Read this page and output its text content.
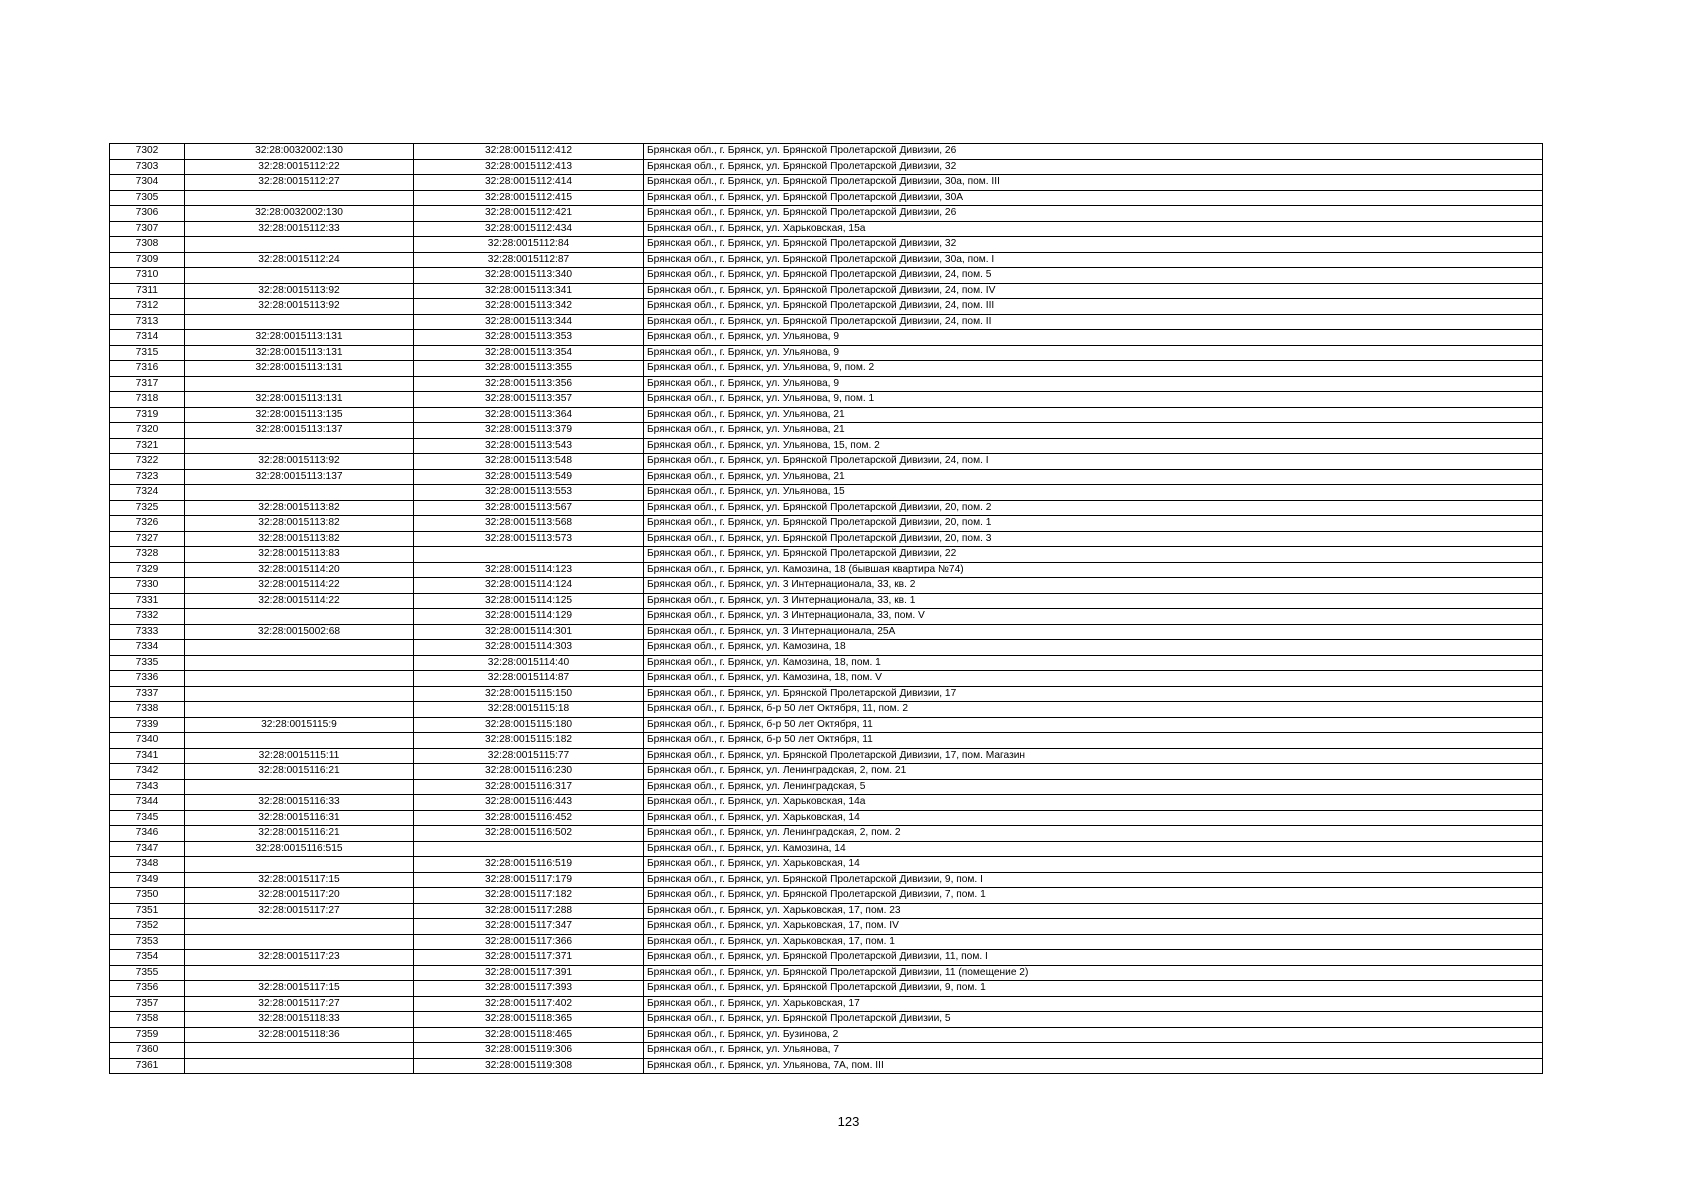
7302	32:28:0032002:130	32:28:0015112:412	Брянская обл., г. Брянск, ул. Брянской Пролетарской Дивизии, 26
7303	32:28:0015112:22	32:28:0015112:413	Брянская обл., г. Брянск, ул. Брянской Пролетарской Дивизии, 32
7304	32:28:0015112:27	32:28:0015112:414	Брянская обл., г. Брянск, ул. Брянской Пролетарской Дивизии, 30а, пом. III
7305		32:28:0015112:415	Брянская обл., г. Брянск, ул. Брянской Пролетарской Дивизии, 30А
7306	32:28:0032002:130	32:28:0015112:421	Брянская обл., г. Брянск, ул. Брянской Пролетарской Дивизии, 26
7307	32:28:0015112:33	32:28:0015112:434	Брянская обл., г. Брянск, ул. Харьковская, 15а
7308		32:28:0015112:84	Брянская обл., г. Брянск, ул. Брянской Пролетарской Дивизии, 32
7309	32:28:0015112:24	32:28:0015112:87	Брянская обл., г. Брянск, ул. Брянской Пролетарской Дивизии, 30а, пом. I
7310		32:28:0015113:340	Брянская обл., г. Брянск, ул. Брянской Пролетарской Дивизии, 24, пом. 5
7311	32:28:0015113:92	32:28:0015113:341	Брянская обл., г. Брянск, ул. Брянской Пролетарской Дивизии, 24, пом. IV
7312	32:28:0015113:92	32:28:0015113:342	Брянская обл., г. Брянск, ул. Брянской Пролетарской Дивизии, 24, пом. III
7313		32:28:0015113:344	Брянская обл., г. Брянск, ул. Брянской Пролетарской Дивизии, 24, пом. II
7314	32:28:0015113:131	32:28:0015113:353	Брянская обл., г. Брянск, ул. Ульянова, 9
7315	32:28:0015113:131	32:28:0015113:354	Брянская обл., г. Брянск, ул. Ульянова, 9
7316	32:28:0015113:131	32:28:0015113:355	Брянская обл., г. Брянск, ул. Ульянова, 9, пом. 2
7317		32:28:0015113:356	Брянская обл., г. Брянск, ул. Ульянова, 9
7318	32:28:0015113:131	32:28:0015113:357	Брянская обл., г. Брянск, ул. Ульянова, 9, пом. 1
7319	32:28:0015113:135	32:28:0015113:364	Брянская обл., г. Брянск, ул. Ульянова, 21
7320	32:28:0015113:137	32:28:0015113:379	Брянская обл., г. Брянск, ул. Ульянова, 21
7321		32:28:0015113:543	Брянская обл., г. Брянск, ул. Ульянова, 15, пом. 2
7322	32:28:0015113:92	32:28:0015113:548	Брянская обл., г. Брянск, ул. Брянской Пролетарской Дивизии, 24, пом. I
7323	32:28:0015113:137	32:28:0015113:549	Брянская обл., г. Брянск, ул. Ульянова, 21
7324		32:28:0015113:553	Брянская обл., г. Брянск, ул. Ульянова, 15
7325	32:28:0015113:82	32:28:0015113:567	Брянская обл., г. Брянск, ул. Брянской Пролетарской Дивизии, 20, пом. 2
7326	32:28:0015113:82	32:28:0015113:568	Брянская обл., г. Брянск, ул. Брянской Пролетарской Дивизии, 20, пом. 1
7327	32:28:0015113:82	32:28:0015113:573	Брянская обл., г. Брянск, ул. Брянской Пролетарской Дивизии, 20, пом. 3
7328	32:28:0015113:83		Брянская обл., г. Брянск, ул. Брянской Пролетарской Дивизии, 22
7329	32:28:0015114:20	32:28:0015114:123	Брянская обл., г. Брянск, ул. Камозина, 18 (бывшая квартира №74)
7330	32:28:0015114:22	32:28:0015114:124	Брянская обл., г. Брянск, ул. 3 Интернационала, 33, кв. 2
7331	32:28:0015114:22	32:28:0015114:125	Брянская обл., г. Брянск, ул. 3 Интернационала, 33, кв. 1
7332		32:28:0015114:129	Брянская обл., г. Брянск, ул. 3 Интернационала, 33, пом. V
7333	32:28:0015002:68	32:28:0015114:301	Брянская обл., г. Брянск, ул. 3 Интернационала, 25А
7334		32:28:0015114:303	Брянская обл., г. Брянск, ул. Камозина, 18
7335		32:28:0015114:40	Брянская обл., г. Брянск, ул. Камозина, 18, пом. 1
7336		32:28:0015114:87	Брянская обл., г. Брянск, ул. Камозина, 18, пом. V
7337		32:28:0015115:150	Брянская обл., г. Брянск, ул. Брянской Пролетарской Дивизии, 17
7338		32:28:0015115:18	Брянская обл., г. Брянск, б-р 50 лет Октября, 11, пом. 2
7339	32:28:0015115:9	32:28:0015115:180	Брянская обл., г. Брянск, б-р 50 лет Октября, 11
7340		32:28:0015115:182	Брянская обл., г. Брянск, б-р 50 лет Октября, 11
7341	32:28:0015115:11	32:28:0015115:77	Брянская обл., г. Брянск, ул. Брянской Пролетарской Дивизии, 17, пом. Магазин
7342	32:28:0015116:21	32:28:0015116:230	Брянская обл., г. Брянск, ул. Ленинградская, 2, пом. 21
7343		32:28:0015116:317	Брянская обл., г. Брянск, ул. Ленинградская, 5
7344	32:28:0015116:33	32:28:0015116:443	Брянская обл., г. Брянск, ул. Харьковская, 14а
7345	32:28:0015116:31	32:28:0015116:452	Брянская обл., г. Брянск, ул. Харьковская, 14
7346	32:28:0015116:21	32:28:0015116:502	Брянская обл., г. Брянск, ул. Ленинградская, 2, пом. 2
7347	32:28:0015116:515		Брянская обл., г. Брянск, ул. Камозина, 14
7348		32:28:0015116:519	Брянская обл., г. Брянск, ул. Харьковская, 14
7349	32:28:0015117:15	32:28:0015117:179	Брянская обл., г. Брянск, ул. Брянской Пролетарской Дивизии, 9, пом. I
7350	32:28:0015117:20	32:28:0015117:182	Брянская обл., г. Брянск, ул. Брянской Пролетарской Дивизии, 7, пом. 1
7351	32:28:0015117:27	32:28:0015117:288	Брянская обл., г. Брянск, ул. Харьковская, 17, пом. 23
7352		32:28:0015117:347	Брянская обл., г. Брянск, ул. Харьковская, 17, пом. IV
7353		32:28:0015117:366	Брянская обл., г. Брянск, ул. Харьковская, 17, пом. 1
7354	32:28:0015117:23	32:28:0015117:371	Брянская обл., г. Брянск, ул. Брянской Пролетарской Дивизии, 11, пом. I
7355		32:28:0015117:391	Брянская обл., г. Брянск, ул. Брянской Пролетарской Дивизии, 11 (помещение 2)
7356	32:28:0015117:15	32:28:0015117:393	Брянская обл., г. Брянск, ул. Брянской Пролетарской Дивизии, 9, пом. 1
7357	32:28:0015117:27	32:28:0015117:402	Брянская обл., г. Брянск, ул. Харьковская, 17
7358	32:28:0015118:33	32:28:0015118:365	Брянская обл., г. Брянск, ул. Брянской Пролетарской Дивизии, 5
7359	32:28:0015118:36	32:28:0015118:465	Брянская обл., г. Брянск, ул. Бузинова, 2
7360		32:28:0015119:306	Брянская обл., г. Брянск, ул. Ульянова, 7
7361		32:28:0015119:308	Брянская обл., г. Брянск, ул. Ульянова, 7А, пом. III
123
